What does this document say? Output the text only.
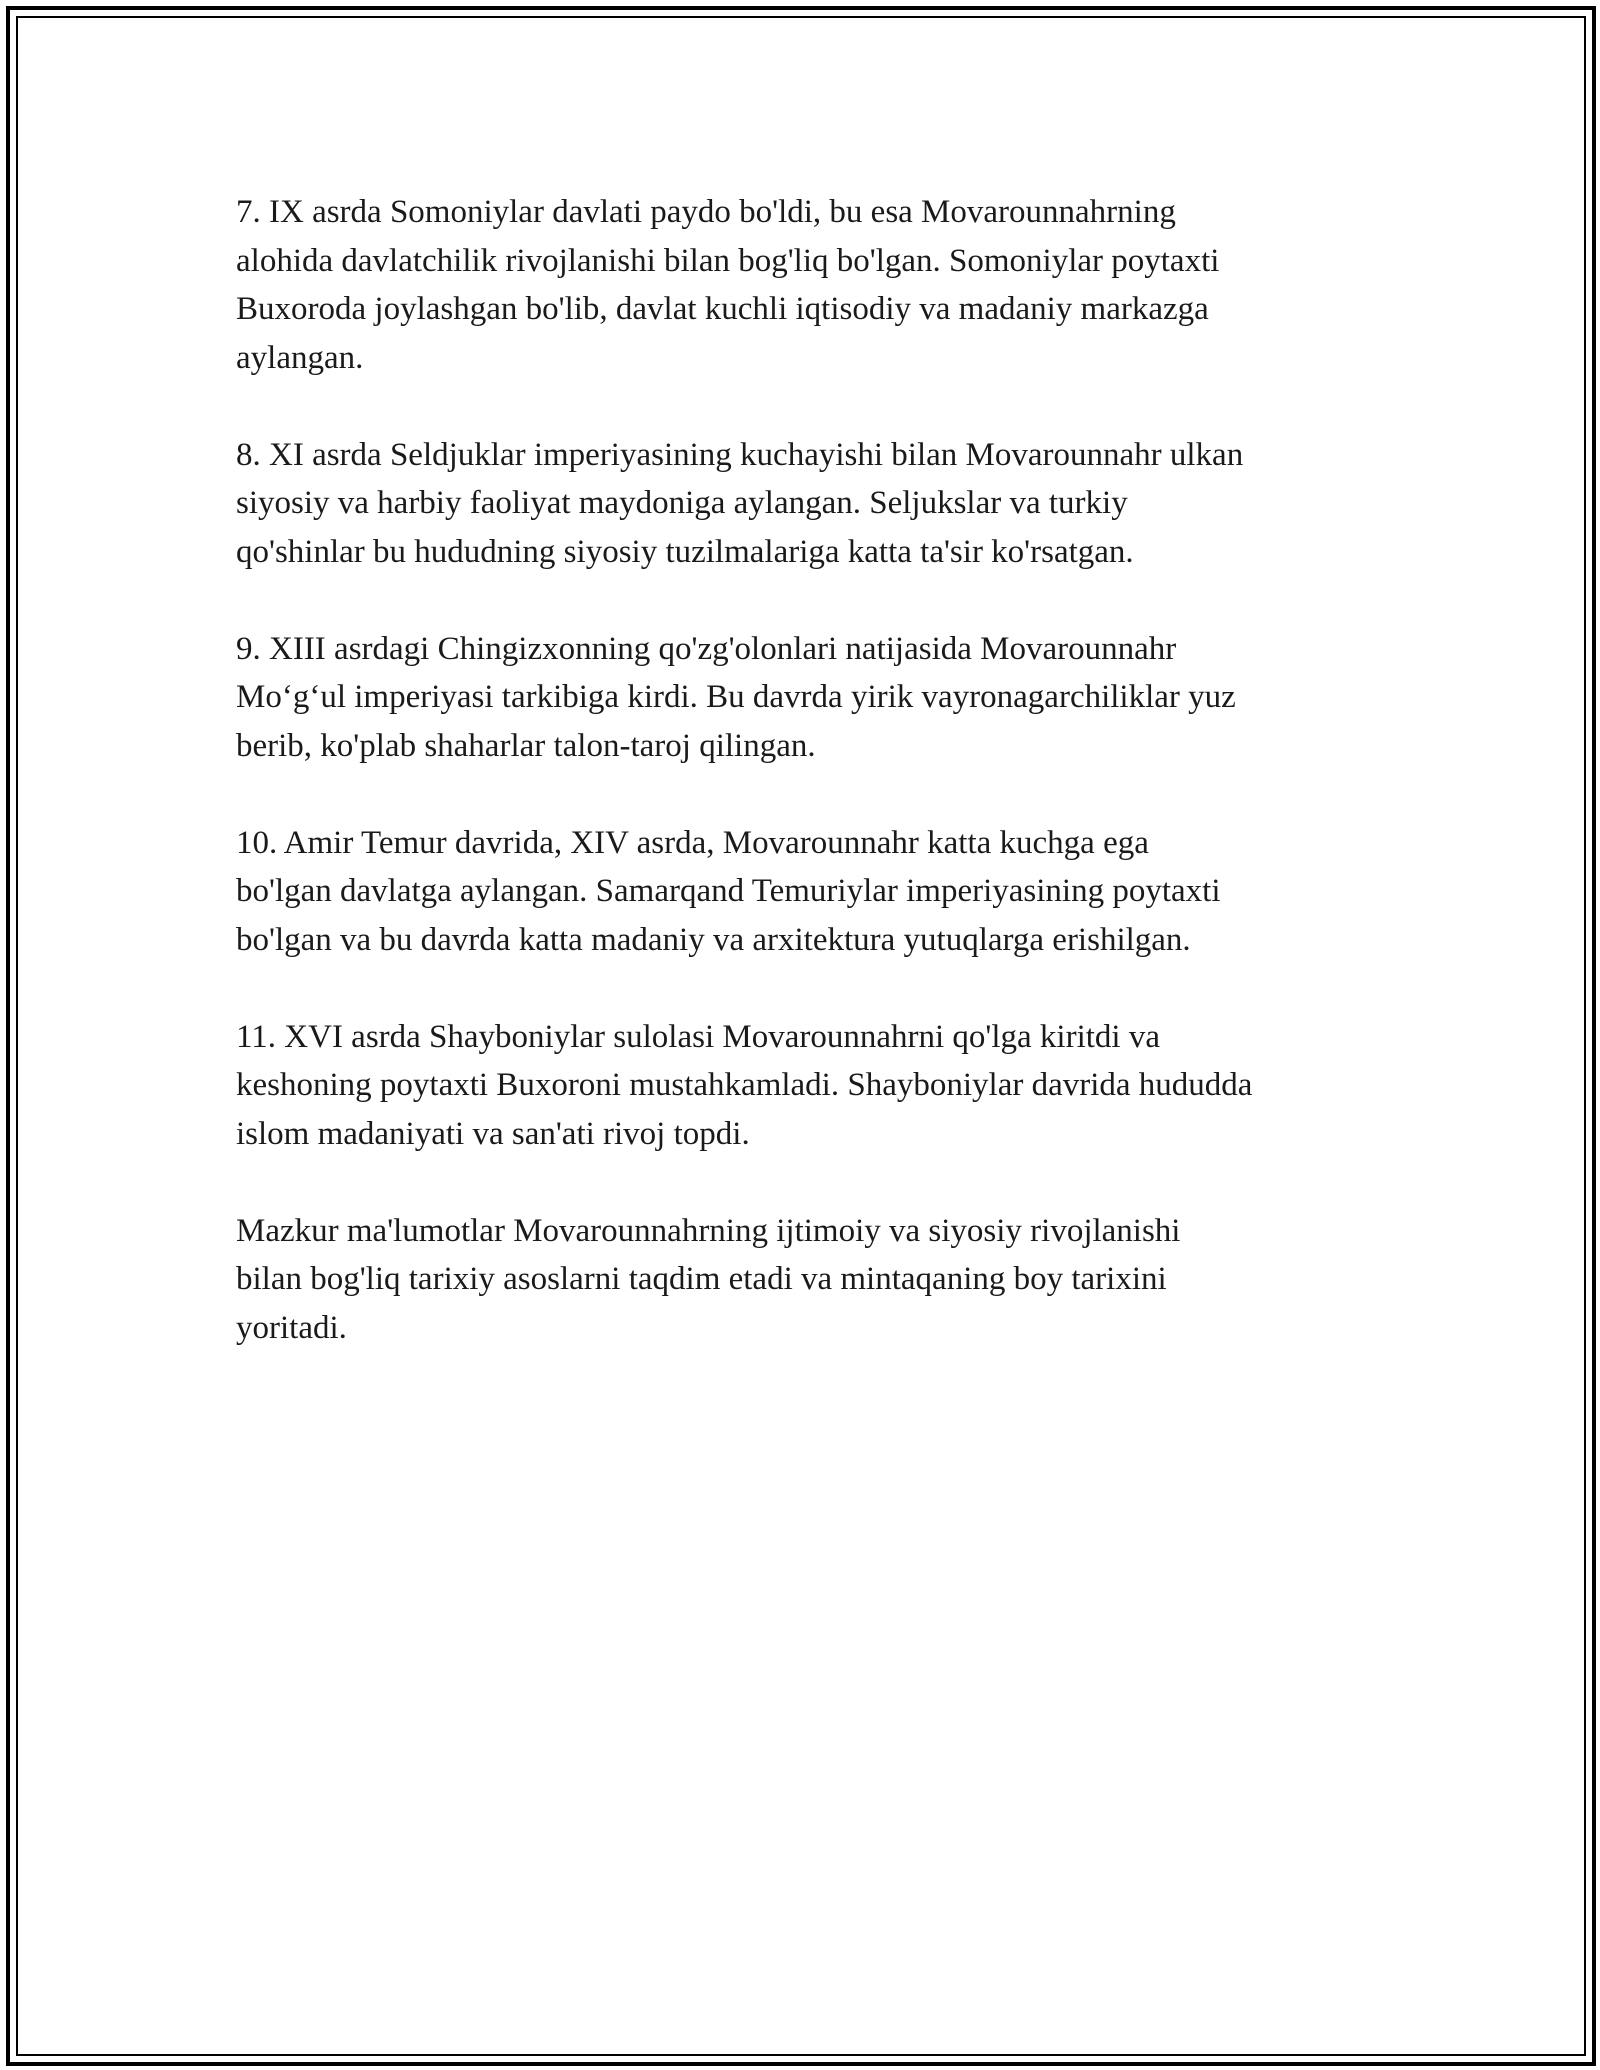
7. IX asrda Somoniylar davlati paydo bo'ldi, bu esa Movarounnahrning
alohida davlatchilik rivojlanishi bilan bog'liq bo'lgan. Somoniylar poytaxti
Buxoroda joylashgan bo'lib, davlat kuchli iqtisodiy va madaniy markazga
aylangan.

8. XI asrda Seldjuklar imperiyasining kuchayishi bilan Movarounnahr ulkan
siyosiy va harbiy faoliyat maydoniga aylangan. Seljukslar va turkiy
qo'shinlar bu hududning siyosiy tuzilmalariga katta ta'sir ko'rsatgan.

9. XIII asrdagi Chingizxonning qo'zg'olonlari natijasida Movarounnahr
Mo‘g‘ul imperiyasi tarkibiga kirdi. Bu davrda yirik vayronagarchiliklar yuz
berib, ko'plab shaharlar talon-taroj qilingan.

10. Amir Temur davrida, XIV asrda, Movarounnahr katta kuchga ega
bo'lgan davlatga aylangan. Samarqand Temuriylar imperiyasining poytaxti
bo'lgan va bu davrda katta madaniy va arxitektura yutuqlarga erishilgan.

11. XVI asrda Shayboniylar sulolasi Movarounnahrni qo'lga kiritdi va
keshoning poytaxti Buxoroni mustahkamladi. Shayboniylar davrida hududda
islom madaniyati va san'ati rivoj topdi.

Mazkur ma'lumotlar Movarounnahrning ijtimoiy va siyosiy rivojlanishi
bilan bog'liq tarixiy asoslarni taqdim etadi va mintaqaning boy tarixini
yoritadi.
